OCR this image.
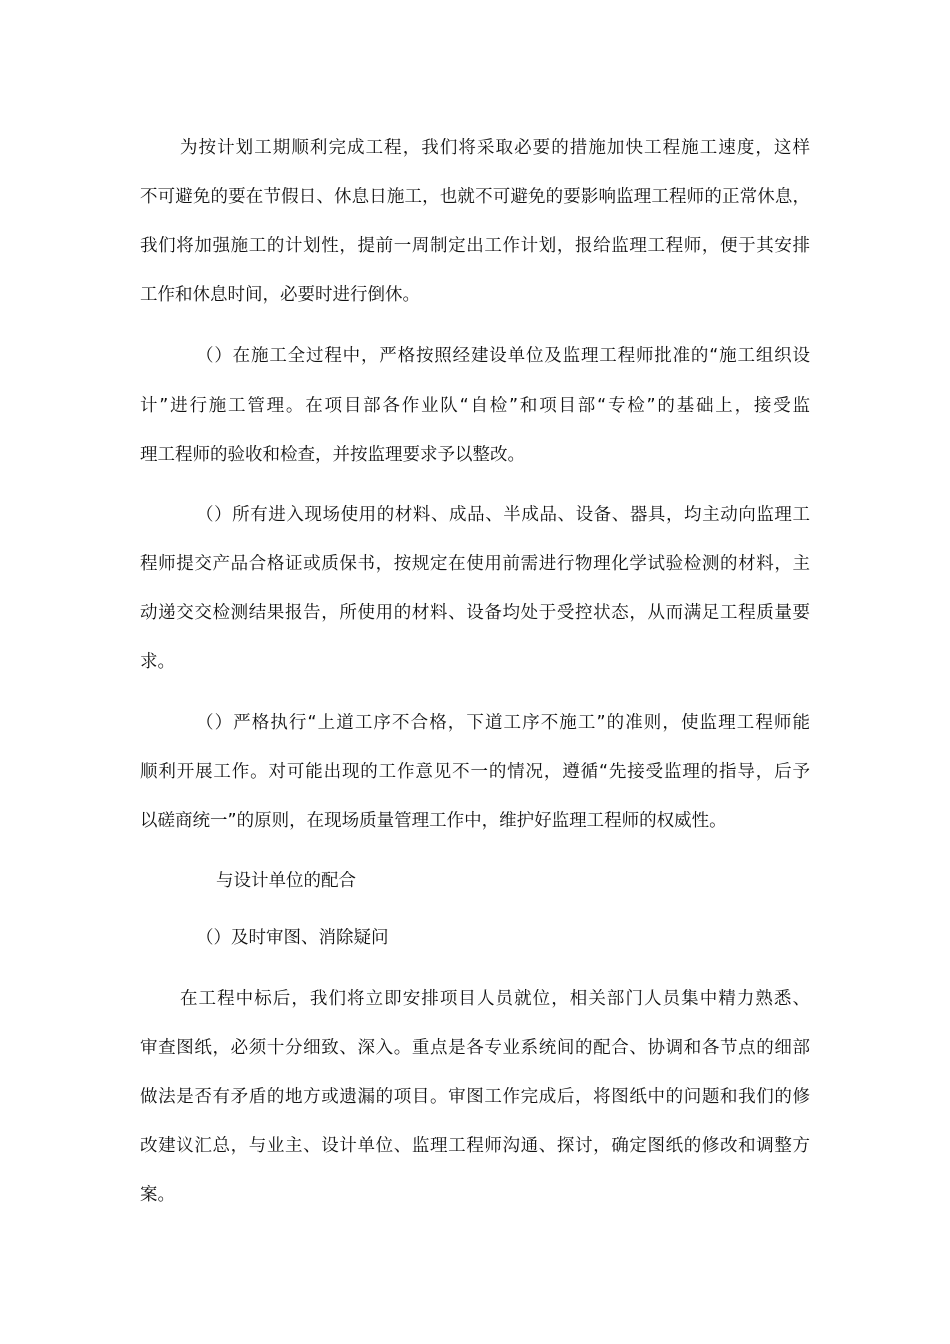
为按计划工期顺利完成工程，我们将采取必要的措施加快工程施工速度，这样
不可避免的要在节假日、休息日施工，也就不可避免的要影响监理工程师的正常休息，
我们将加强施工的计划性，提前一周制定出工作计划，报给监理工程师，便于其安排
工作和休息时间，必要时进行倒休。
（）在施工全过程中，严格按照经建设单位及监理工程师批准的“施工组织设
计”进行施工管理。在项目部各作业队“自检”和项目部“专检”的基础上，接受监
理工程师的验收和检查，并按监理要求予以整改。
（）所有进入现场使用的材料、成品、半成品、设备、器具，均主动向监理工
程师提交产品合格证或质保书，按规定在使用前需进行物理化学试验检测的材料，主
动递交交检测结果报告，所使用的材料、设备均处于受控状态，从而满足工程质量要
求。
（）严格执行“上道工序不合格，下道工序不施工”的准则，使监理工程师能
顺利开展工作。对可能出现的工作意见不一的情况，遵循“先接受监理的指导，后予
以磋商统一”的原则，在现场质量管理工作中，维护好监理工程师的权威性。
与设计单位的配合
（）及时审图、消除疑问
在工程中标后，我们将立即安排项目人员就位，相关部门人员集中精力熟悉、
审查图纸，必须十分细致、深入。重点是各专业系统间的配合、协调和各节点的细部
做法是否有矛盾的地方或遗漏的项目。审图工作完成后，将图纸中的问题和我们的修
改建议汇总，与业主、设计单位、监理工程师沟通、探讨，确定图纸的修改和调整方
案。
